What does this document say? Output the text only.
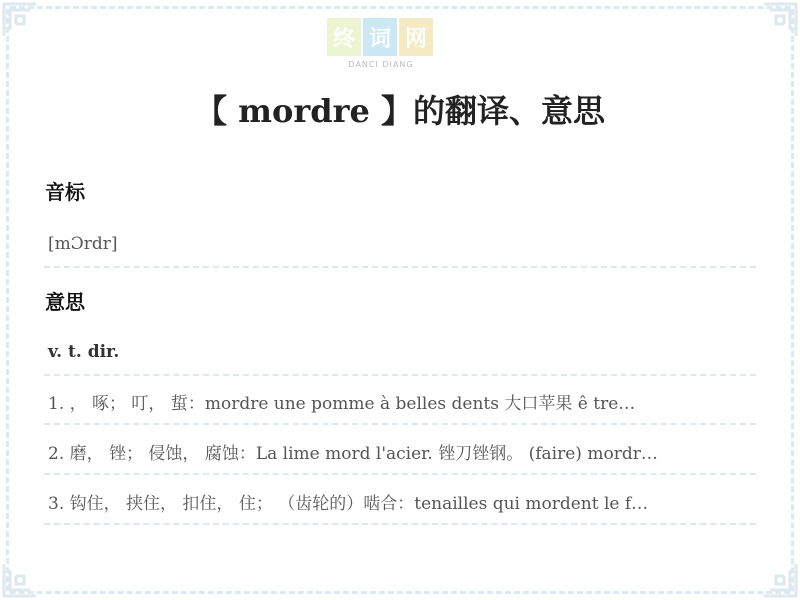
终 词 网
DANCI DIANG
【 mordre 】的翻译、意思
音标
[mƆrdr]
意思
v. t. dir.
1. ， 啄； 叮， 蜇：mordre une pomme à belles dents 大口苹果 ê tre…
2. 磨， 锉； 侵蚀， 腐蚀：La lime mord l'acier. 锉刀锉钢。 (faire) mordr…
3. 钩住， 挟住， 扣住， 住； （齿轮的）啮合：tenailles qui mordent le f…
